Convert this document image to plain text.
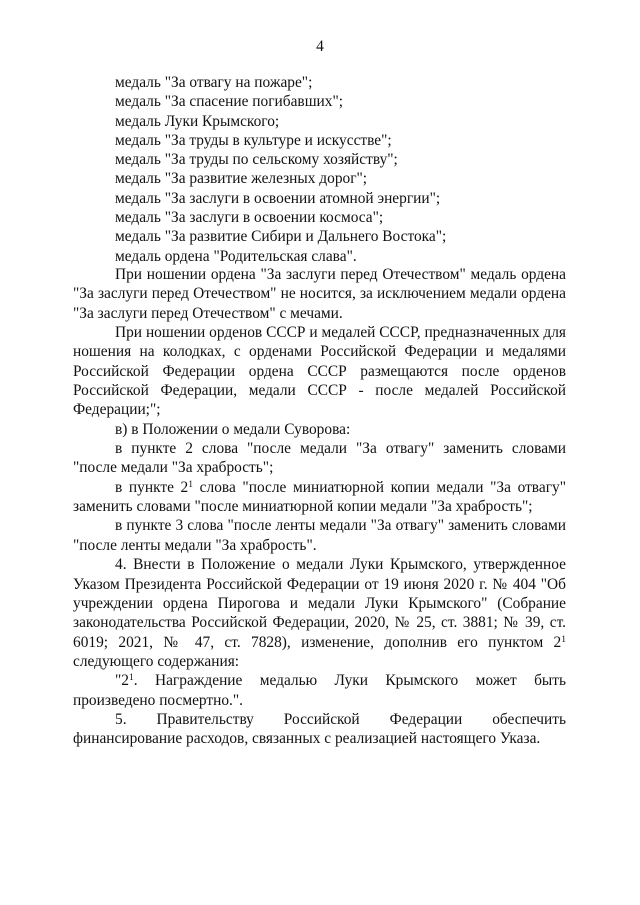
4
медаль "За отвагу на пожаре";
медаль "За спасение погибавших";
медаль Луки Крымского;
медаль "За труды в культуре и искусстве";
медаль "За труды по сельскому хозяйству";
медаль "За развитие железных дорог";
медаль "За заслуги в освоении атомной энергии";
медаль "За заслуги в освоении космоса";
медаль "За развитие Сибири и Дальнего Востока";
медаль ордена "Родительская слава".

При ношении ордена "За заслуги перед Отечеством" медаль ордена "За заслуги перед Отечеством" не носится, за исключением медали ордена "За заслуги перед Отечеством" с мечами.

При ношении орденов СССР и медалей СССР, предназначенных для ношения на колодках, с орденами Российской Федерации и медалями Российской Федерации ордена СССР размещаются после орденов Российской Федерации, медали СССР - после медалей Российской Федерации;";

в) в Положении о медали Суворова:

в пункте 2 слова "после медали "За отвагу" заменить словами "после медали "За храбрость";

в пункте $2^1$ слова "после миниатюрной копии медали "За отвагу" заменить словами "после миниатюрной копии медали "За храбрость";

в пункте 3 слова "после ленты медали "За отвагу" заменить словами "после ленты медали "За храбрость".

4. Внести в Положение о медали Луки Крымского, утвержденное Указом Президента Российской Федерации от 19 июня 2020 г. № 404 "Об учреждении ордена Пирогова и медали Луки Крымского" (Собрание законодательства Российской Федерации, 2020, № 25, ст. 3881; № 39, ст. 6019; 2021, № 47, ст. 7828), изменение, дополнив его пунктом $2^1$ следующего содержания:

"$2^1$. Награждение медалью Луки Крымского может быть произведено посмертно.".

5. Правительству Российской Федерации обеспечить финансирование расходов, связанных с реализацией настоящего Указа.
